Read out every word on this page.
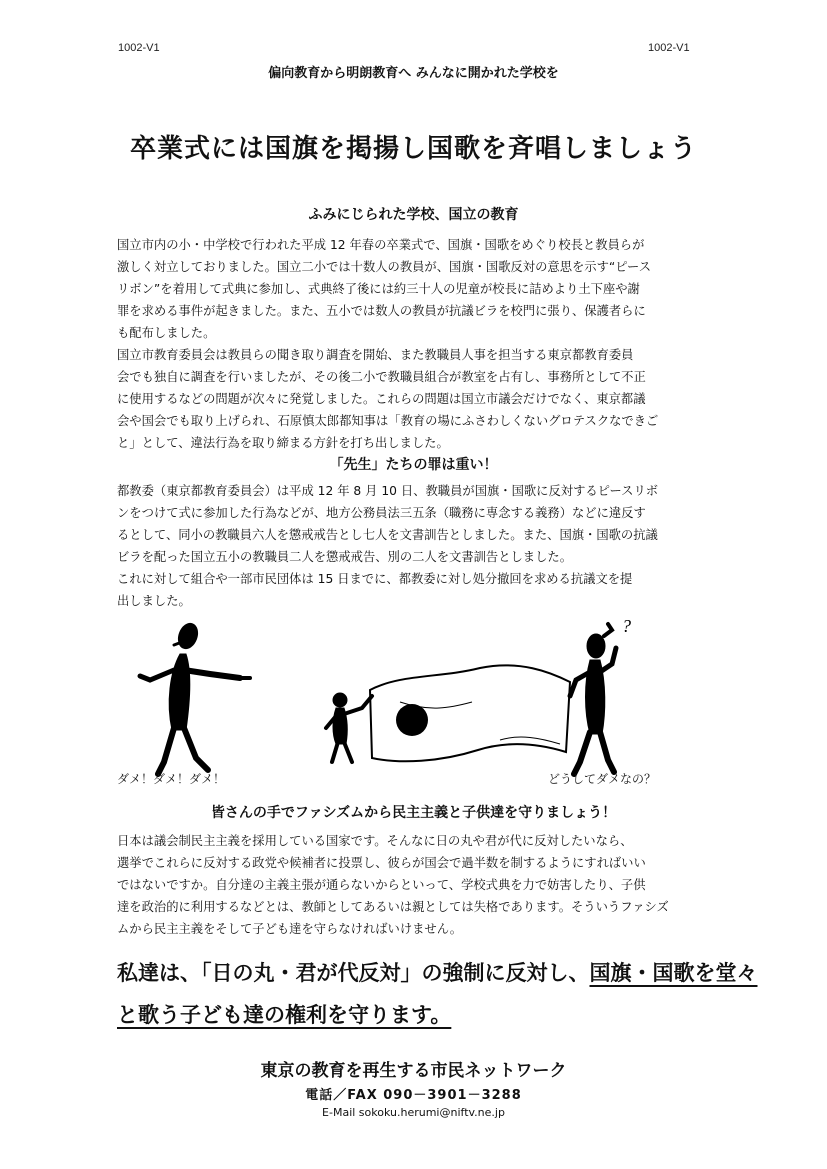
1002-V1	1002-V1
偏向教育から明朗教育へ みんなに開かれた学校を
卒業式には国旗を掲揚し国歌を斉唱しましょう
ふみにじられた学校、国立の教育

国立市内の小・中学校で行われた平成 12 年春の卒業式で、国旗・国歌をめぐり校長と教員らが
激しく対立しておりました。国立二小では十数人の教員が、国旗・国歌反対の意思を示す“ピース
リボン”を着用して式典に参加し、式典終了後には約三十人の児童が校長に詰めより土下座や謝
罪を求める事件が起きました。また、五小では数人の教員が抗議ビラを校門に張り、保護者らに
も配布しました。

国立市教育委員会は教員らの聞き取り調査を開始、また教職員人事を担当する東京都教育委員
会でも独自に調査を行いましたが、その後二小で教職員組合が教室を占有し、事務所として不正
に使用するなどの問題が次々に発覚しました。これらの問題は国立市議会だけでなく、東京都議
会や国会でも取り上げられ、石原慎太郎都知事は「教育の場にふさわしくないグロテスクなできご
と」として、違法行為を取り締まる方針を打ち出しました。

「先生」たちの罪は重い！

都教委（東京都教育委員会）は平成 12 年 8 月 10 日、教職員が国旗・国歌に反対するピースリボ
ンをつけて式に参加した行為などが、地方公務員法三五条（職務に専念する義務）などに違反す
るとして、同小の教職員六人を懲戒戒告とし七人を文書訓告としました。また、国旗・国歌の抗議
ビラを配った国立五小の教職員二人を懲戒戒告、別の二人を文書訓告としました。

これに対して組合や一部市民団体は 15 日までに、都教委に対し処分撤回を求める抗議文を提
出しました。

?
ダメ！ダメ！ダメ！	どうしてダメなの？
皆さんの手でファシズムから民主主義と子供達を守りましょう！

日本は議会制民主主義を採用している国家です。そんなに日の丸や君が代に反対したいなら、
選挙でこれらに反対する政党や候補者に投票し、彼らが国会で過半数を制するようにすればいい
ではないですか。自分達の主義主張が通らないからといって、学校式典を力で妨害したり、子供
達を政治的に利用するなどとは、教師としてあるいは親としては失格であります。そういうファシズ
ムから民主主義をそして子ども達を守らなければいけません。

私達は、「日の丸・君が代反対」の強制に反対し、国旗・国歌を堂々
と歌う子ども達の権利を守ります。

東京の教育を再生する市民ネットワーク
電話／FAX 090－3901－3288
E-Mail sokoku.herumi@niftv.ne.jp
